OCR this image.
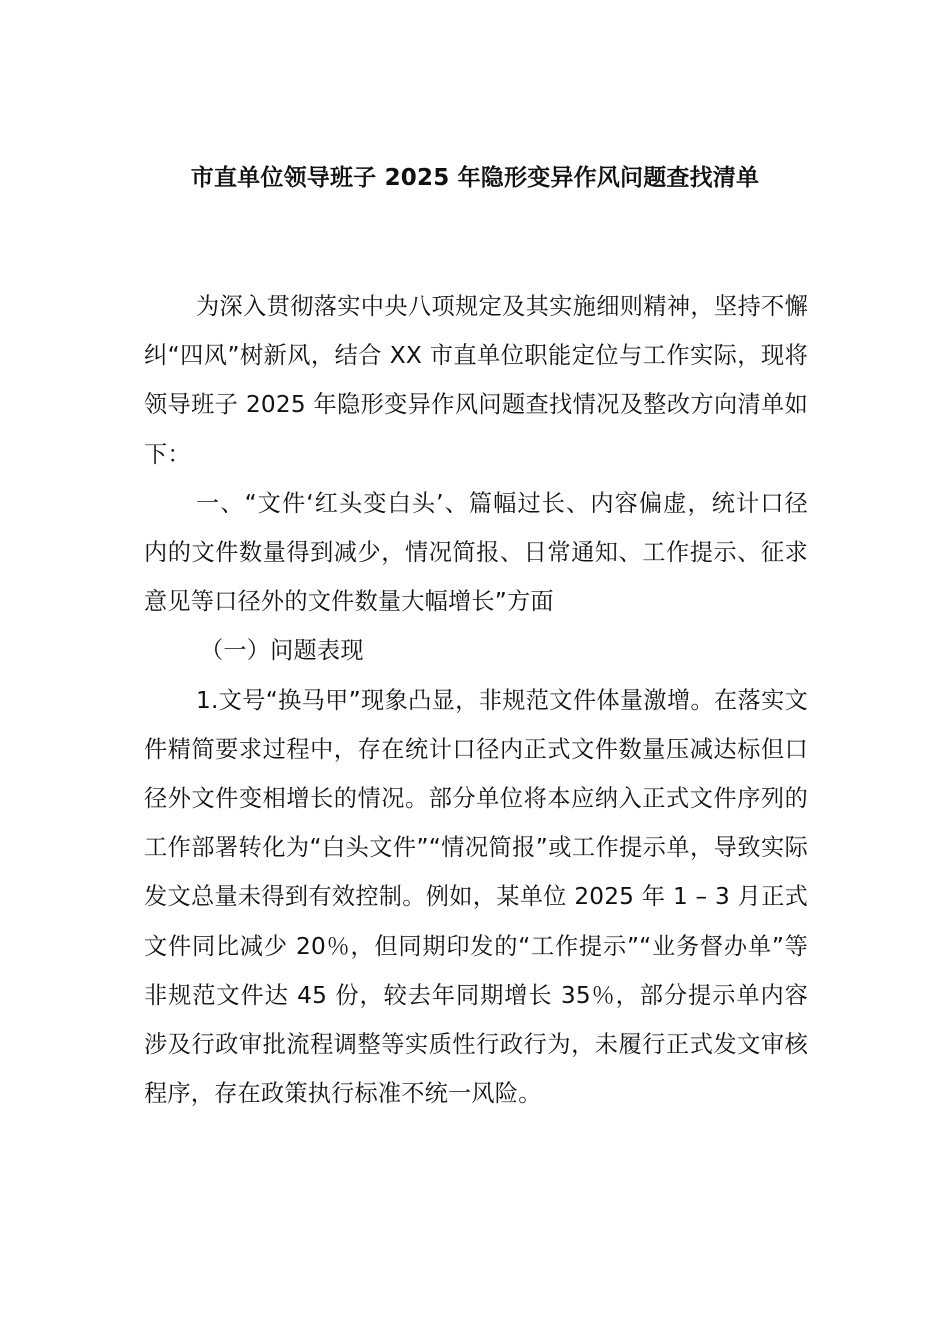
市直单位领导班子 2025 年隐形变异作风问题查找清单

为深入贯彻落实中央八项规定及其实施细则精神，坚持不懈纠“四风”树新风，结合 XX 市直单位职能定位与工作实际，现将领导班子 2025 年隐形变异作风问题查找情况及整改方向清单如下：

一、“文件‘红头变白头’、篇幅过长、内容偏虚，统计口径内的文件数量得到减少，情况简报、日常通知、工作提示、征求意见等口径外的文件数量大幅增长”方面

（一）问题表现

1.文号“换马甲”现象凸显，非规范文件体量激增。在落实文件精简要求过程中，存在统计口径内正式文件数量压减达标但口径外文件变相增长的情况。部分单位将本应纳入正式文件序列的工作部署转化为“白头文件”“情况简报”或工作提示单，导致实际发文总量未得到有效控制。例如，某单位 2025 年 1 – 3 月正式文件同比减少 20％，但同期印发的“工作提示”“业务督办单”等非规范文件达 45 份，较去年同期增长 35％，部分提示单内容涉及行政审批流程调整等实质性行政行为，未履行正式发文审核程序，存在政策执行标准不统一风险。
